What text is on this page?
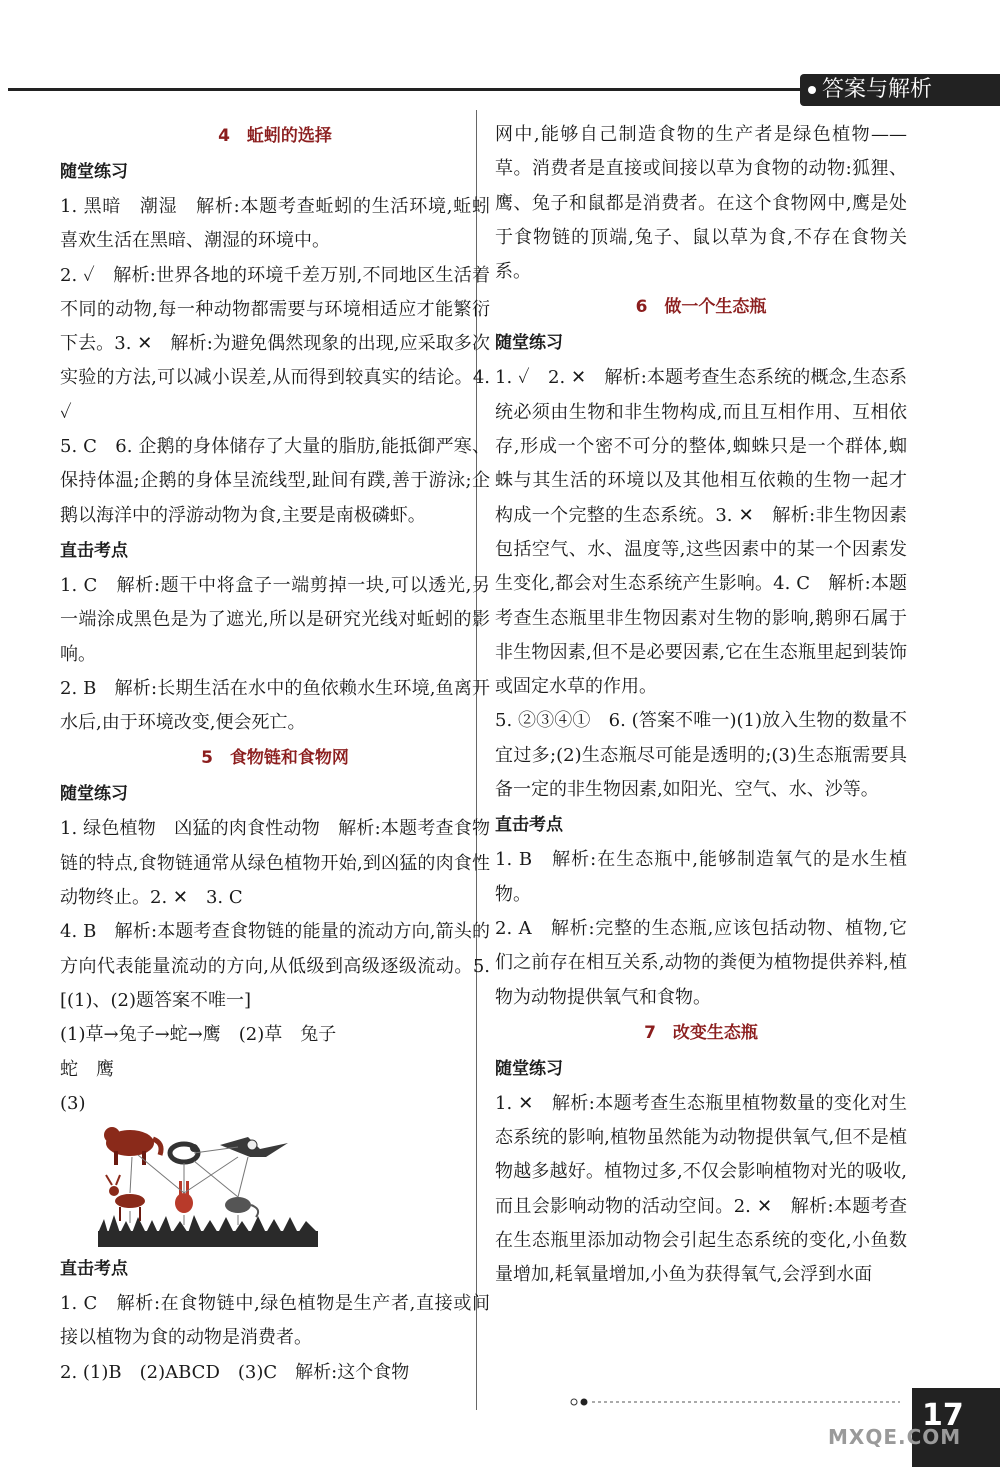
答案与解析
4　蚯蚓的选择
随堂练习
1. 黑暗　潮湿　解析:本题考查蚯蚓的生活环境,蚯蚓喜欢生活在黑暗、潮湿的环境中。
2. ✓　解析:世界各地的环境千差万别,不同地区生活着不同的动物,每一种动物都需要与环境相适应才能繁衍下去。3. ✕　解析:为避免偶然现象的出现,应采取多次实验的方法,可以减小误差,从而得到较真实的结论。4. ✓
5. C　6. 企鹅的身体储存了大量的脂肪,能抵御严寒、保持体温;企鹅的身体呈流线型,趾间有蹼,善于游泳;企鹅以海洋中的浮游动物为食,主要是南极磷虾。
直击考点
1. C　解析:题干中将盒子一端剪掉一块,可以透光,另一端涂成黑色是为了遮光,所以是研究光线对蚯蚓的影响。
2. B　解析:长期生活在水中的鱼依赖水生环境,鱼离开水后,由于环境改变,便会死亡。
5　食物链和食物网
随堂练习
1. 绿色植物　凶猛的肉食性动物　解析:本题考查食物链的特点,食物链通常从绿色植物开始,到凶猛的肉食性动物终止。2. ✕　3. C
4. B　解析:本题考查食物链的能量的流动方向,箭头的方向代表能量流动的方向,从低级到高级逐级流动。5. [(1)、(2)题答案不唯一]
(1)草→兔子→蛇→鹰　(2)草　兔子
蛇　鹰
(3)
直击考点
1. C　解析:在食物链中,绿色植物是生产者,直接或间接以植物为食的动物是消费者。
2. (1)B　(2)ABCD　(3)C　解析:这个食物
网中,能够自己制造食物的生产者是绿色植物——草。消费者是直接或间接以草为食物的动物:狐狸、鹰、兔子和鼠都是消费者。在这个食物网中,鹰是处于食物链的顶端,兔子、鼠以草为食,不存在食物关系。
6　做一个生态瓶
随堂练习
1. ✓　2. ✕　解析:本题考查生态系统的概念,生态系统必须由生物和非生物构成,而且互相作用、互相依存,形成一个密不可分的整体,蜘蛛只是一个群体,蜘蛛与其生活的环境以及其他相互依赖的生物一起才构成一个完整的生态系统。3. ✕　解析:非生物因素包括空气、水、温度等,这些因素中的某一个因素发生变化,都会对生态系统产生影响。4. C　解析:本题考查生态瓶里非生物因素对生物的影响,鹅卵石属于非生物因素,但不是必要因素,它在生态瓶里起到装饰或固定水草的作用。
5. ②③④①　6. (答案不唯一)(1)放入生物的数量不宜过多;(2)生态瓶尽可能是透明的;(3)生态瓶需要具备一定的非生物因素,如阳光、空气、水、沙等。
直击考点
1. B　解析:在生态瓶中,能够制造氧气的是水生植物。
2. A　解析:完整的生态瓶,应该包括动物、植物,它们之前存在相互关系,动物的粪便为植物提供养料,植物为动物提供氧气和食物。
7　改变生态瓶
随堂练习
1. ✕　解析:本题考查生态瓶里植物数量的变化对生态系统的影响,植物虽然能为动物提供氧气,但不是植物越多越好。植物过多,不仅会影响植物对光的吸收,而且会影响动物的活动空间。2. ✕　解析:本题考查在生态瓶里添加动物会引起生态系统的变化,小鱼数量增加,耗氧量增加,小鱼为获得氧气,会浮到水面
17
MXQE.COM
